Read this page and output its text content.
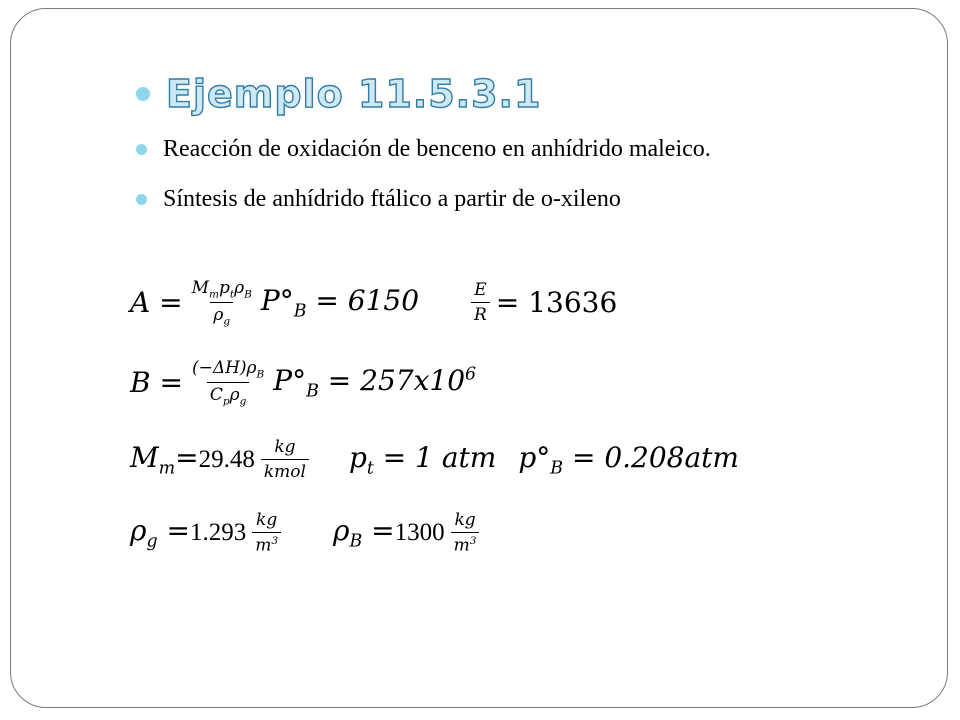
Ejemplo 11.5.3.1
Reacción de oxidación de benceno en anhídrido maleico.
Síntesis de anhídrido ftálico a partir de o-xileno
$A = \frac{M_mp_t\rho_B}{\rho_g} P^\circ_B = 6150$	$\frac{E}{R} = 13636$
$B = \frac{(-\Delta H)\rho_B}{C_p\rho_g} P^\circ_B = 257x10^6$
$M_m= 29.48 \frac{kg}{\text{kmol}} p_t = 1$ atm $p^\circ_B = 0.208atm$
$\rho_g = 1.293 \frac{kg}{m^3} \rho_B = 1300 \frac{kg}{m^3}$
